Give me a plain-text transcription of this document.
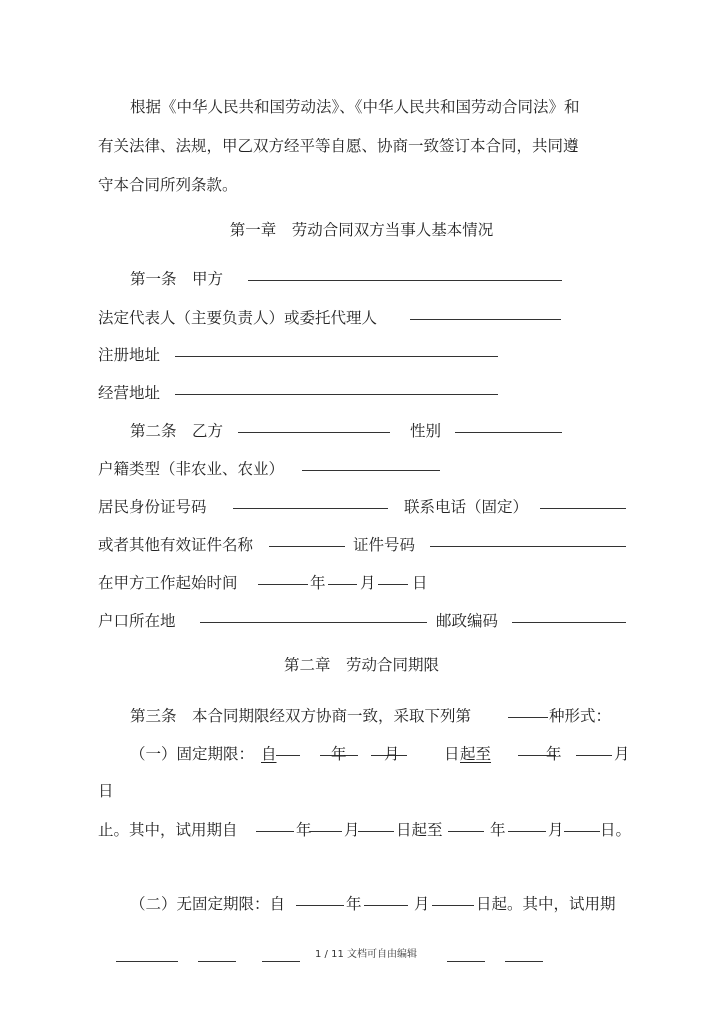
根据《中华人民共和国劳动法》、《中华人民共和国劳动合同法》和
有关法律、法规，甲乙双方经平等自愿、协商一致签订本合同，共同遵
守本合同所列条款。
第一章　劳动合同双方当事人基本情况
第一条　甲方
法定代表人（主要负责人）或委托代理人
注册地址
经营地址
第二条　乙方	性别
户籍类型（非农业、农业）
居民身份证号码	联系电话（固定）
或者其他有效证件名称	证件号码
在甲方工作起始时间	年 月 日
户口所在地	邮政编码
第二章　劳动合同期限
第三条　本合同期限经双方协商一致，采取下列第	种形式：
（一）固定期限： 自	年 月	日 起至	年	月
日
止。其中，试用期自	年 月 日起至	年	月 日。
（二）无固定期限：自	年	月	日起。其中，试用期
1 / 11 文档可自由编辑
